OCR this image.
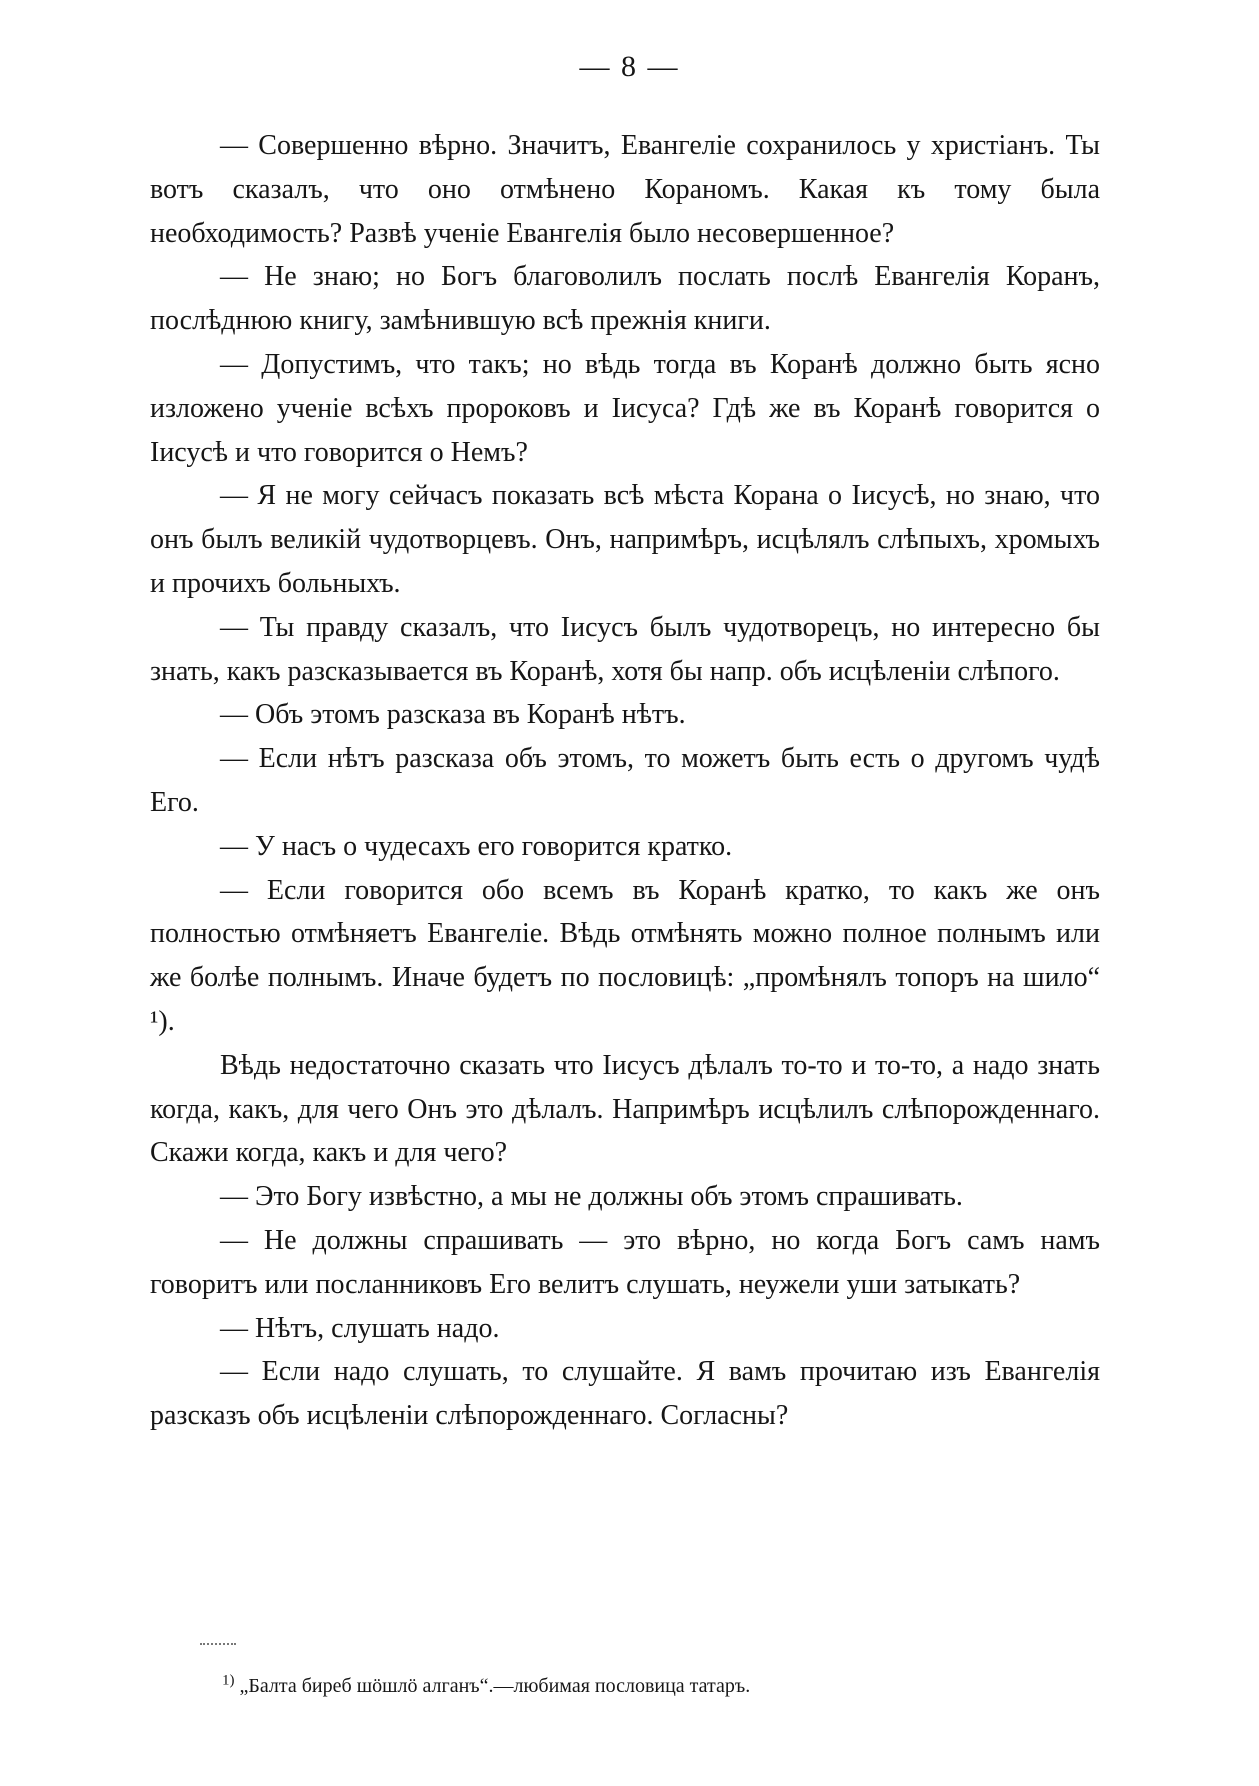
— 8 —

— Совершенно вѣрно. Значитъ, Евангеліе сохранилось у христіанъ. Ты вотъ сказалъ, что оно отмѣнено Кораномъ. Какая къ тому была необходимость? Развѣ ученіе Евангелія было несовершенное?

— Не знаю; но Богъ благоволилъ послать послѣ Евангелія Коранъ, послѣднюю книгу, замѣнившую всѣ прежнія книги.

— Допустимъ, что такъ; но вѣдь тогда въ Коранѣ должно быть ясно изложено ученіе всѣхъ пророковъ и Іисуса? Гдѣ же въ Коранѣ говорится о Іисусѣ и что говорится о Немъ?

— Я не могу сейчасъ показать всѣ мѣста Корана о Іисусѣ, но знаю, что онъ былъ великій чудотворцевъ. Онъ, напримѣръ, исцѣлялъ слѣпыхъ, хромыхъ и прочихъ больныхъ.

— Ты правду сказалъ, что Іисусъ былъ чудотворецъ, но интересно бы знать, какъ разсказывается въ Коранѣ, хотя бы напр. объ исцѣленіи слѣпого.

— Объ этомъ разсказа въ Коранѣ нѣтъ.

— Если нѣтъ разсказа объ этомъ, то можетъ быть есть о другомъ чудѣ Его.

— У насъ о чудесахъ его говорится кратко.

— Если говорится обо всемъ въ Коранѣ кратко, то какъ же онъ полностью отмѣняетъ Евангеліе. Вѣдь отмѣнять можно полное полнымъ или же болѣе полнымъ. Иначе будетъ по пословицѣ: „промѣнялъ топоръ на шило“ ¹).

Вѣдь недостаточно сказать что Іисусъ дѣлалъ то-то и то-то, а надо знать когда, какъ, для чего Онъ это дѣлалъ. Напримѣръ исцѣлилъ слѣпорожденнаго. Скажи когда, какъ и для чего?

— Это Богу извѣстно, а мы не должны объ этомъ спрашивать.

— Не должны спрашивать — это вѣрно, но когда Богъ самъ намъ говоритъ или посланниковъ Его велитъ слушать, неужели уши затыкать?

— Нѣтъ, слушать надо.

— Если надо слушать, то слушайте. Я вамъ прочитаю изъ Евангелія разсказъ объ исцѣленіи слѣпорожденнаго. Согласны?

$^{1)}$ „Балта биреб шӧшлӧ алганъ“.—любимая пословица татаръ.
